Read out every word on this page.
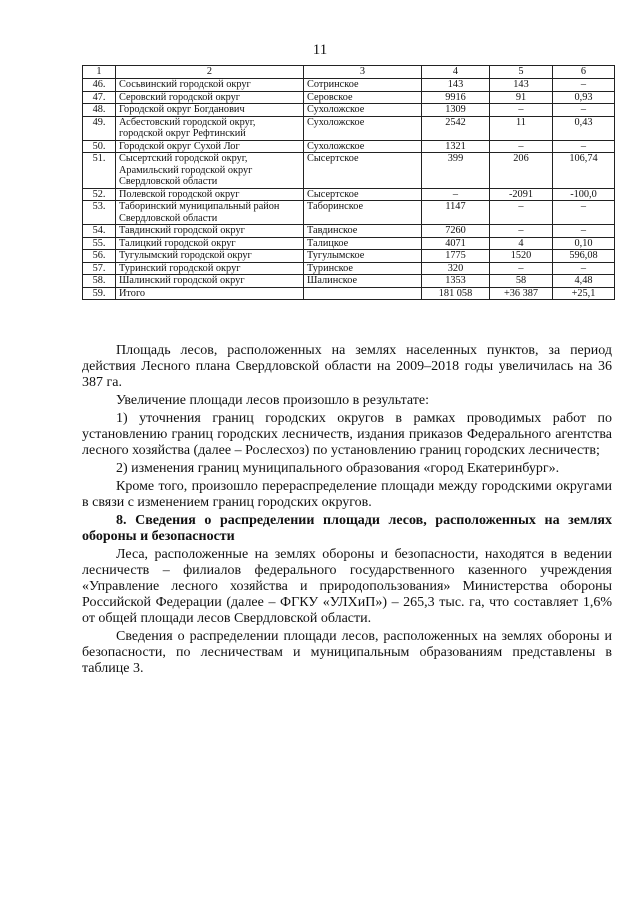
11
1	2	3	4	5	6
46.	Сосьвинский городской округ	Сотринское	143	143	–
47.	Серовский городской округ	Серовское	9916	91	0,93
48.	Городской округ Богданович	Сухоложское	1309	–	–
49.	Асбестовский городской округ, городской округ Рефтинский	Сухоложское	2542	11	0,43
50.	Городской округ Сухой Лог	Сухоложское	1321	–	–
51.	Сысертский городской округ, Арамильский городской округ Свердловской области	Сысертское	399	206	106,74
52.	Полевской городской округ	Сысертское	–	-2091	-100,0
53.	Таборинский муниципальный район Свердловской области	Таборинское	1147	–	–
54.	Тавдинский городской округ	Тавдинское	7260	–	–
55.	Талицкий городской округ	Талицкое	4071	4	0,10
56.	Тугулымский городской округ	Тугулымское	1775	1520	596,08
57.	Туринский городской округ	Туринское	320	–	–
58.	Шалинский городской округ	Шалинское	1353	58	4,48
59.	Итого		181 058	+36 387	+25,1

Площадь лесов, расположенных на землях населенных пунктов, за период действия Лесного плана Свердловской области на 2009–2018 годы увеличилась на 36 387 га.

Увеличение площади лесов произошло в результате:

1) уточнения границ городских округов в рамках проводимых работ по установлению границ городских лесничеств, издания приказов Федерального агентства лесного хозяйства (далее – Рослесхоз) по установлению границ городских лесничеств;

2) изменения границ муниципального образования «город Екатеринбург».

Кроме того, произошло перераспределение площади между городскими округами в связи с изменением границ городских округов.

8. Сведения о распределении площади лесов, расположенных на землях обороны и безопасности

Леса, расположенные на землях обороны и безопасности, находятся в ведении лесничеств – филиалов федерального государственного казенного учреждения «Управление лесного хозяйства и природопользования» Министерства обороны Российской Федерации (далее – ФГКУ «УЛХиП») – 265,3 тыс. га, что составляет 1,6% от общей площади лесов Свердловской области.

Сведения о распределении площади лесов, расположенных на землях обороны и безопасности, по лесничествам и муниципальным образованиям представлены в таблице 3.
